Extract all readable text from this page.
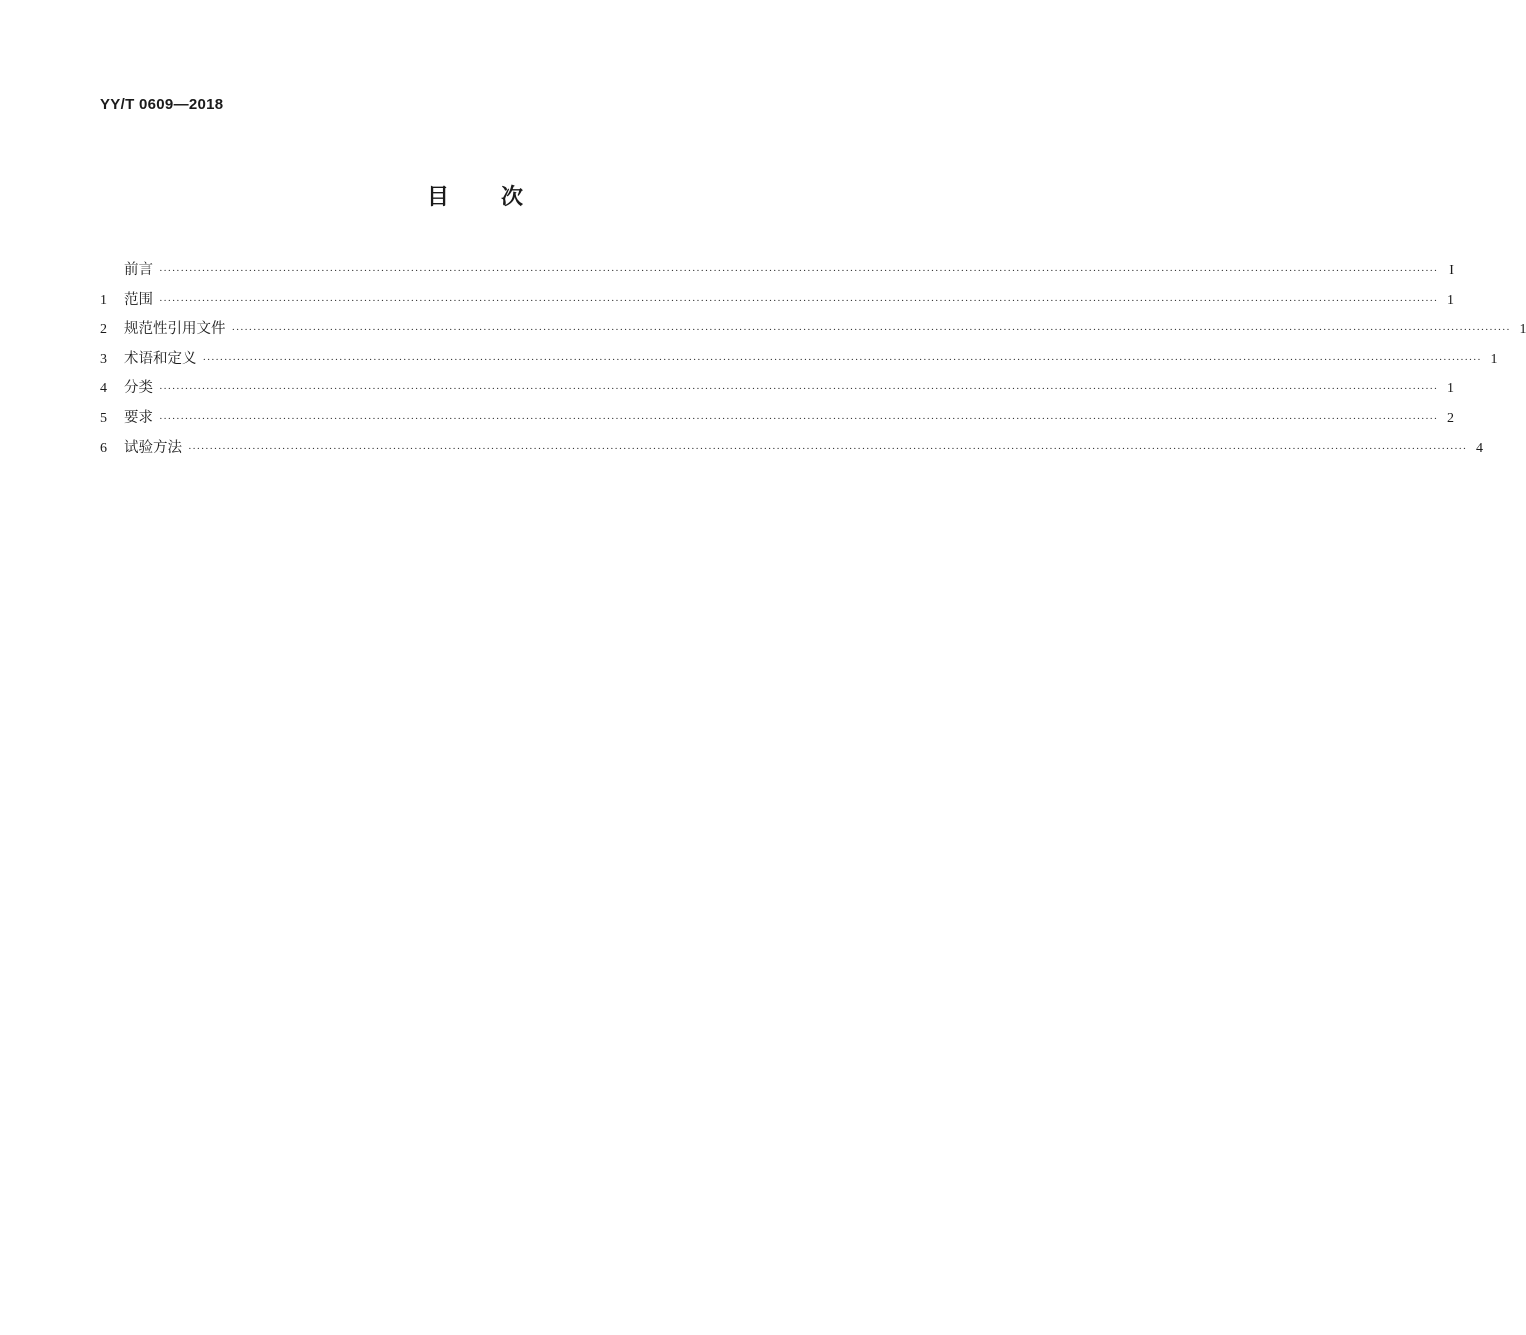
YY/T 0609—2018
目次
前言 ············································································································································································································································································································ I
1	范围 ············································································································································································································································································································ 1
2	规范性引用文件 ············································································································································································································································································································ 1
3	术语和定义 ············································································································································································································································································································ 1
4	分类 ············································································································································································································································································································ 1
5	要求 ············································································································································································································································································································ 2
6	试验方法 ············································································································································································································································································································ 4
